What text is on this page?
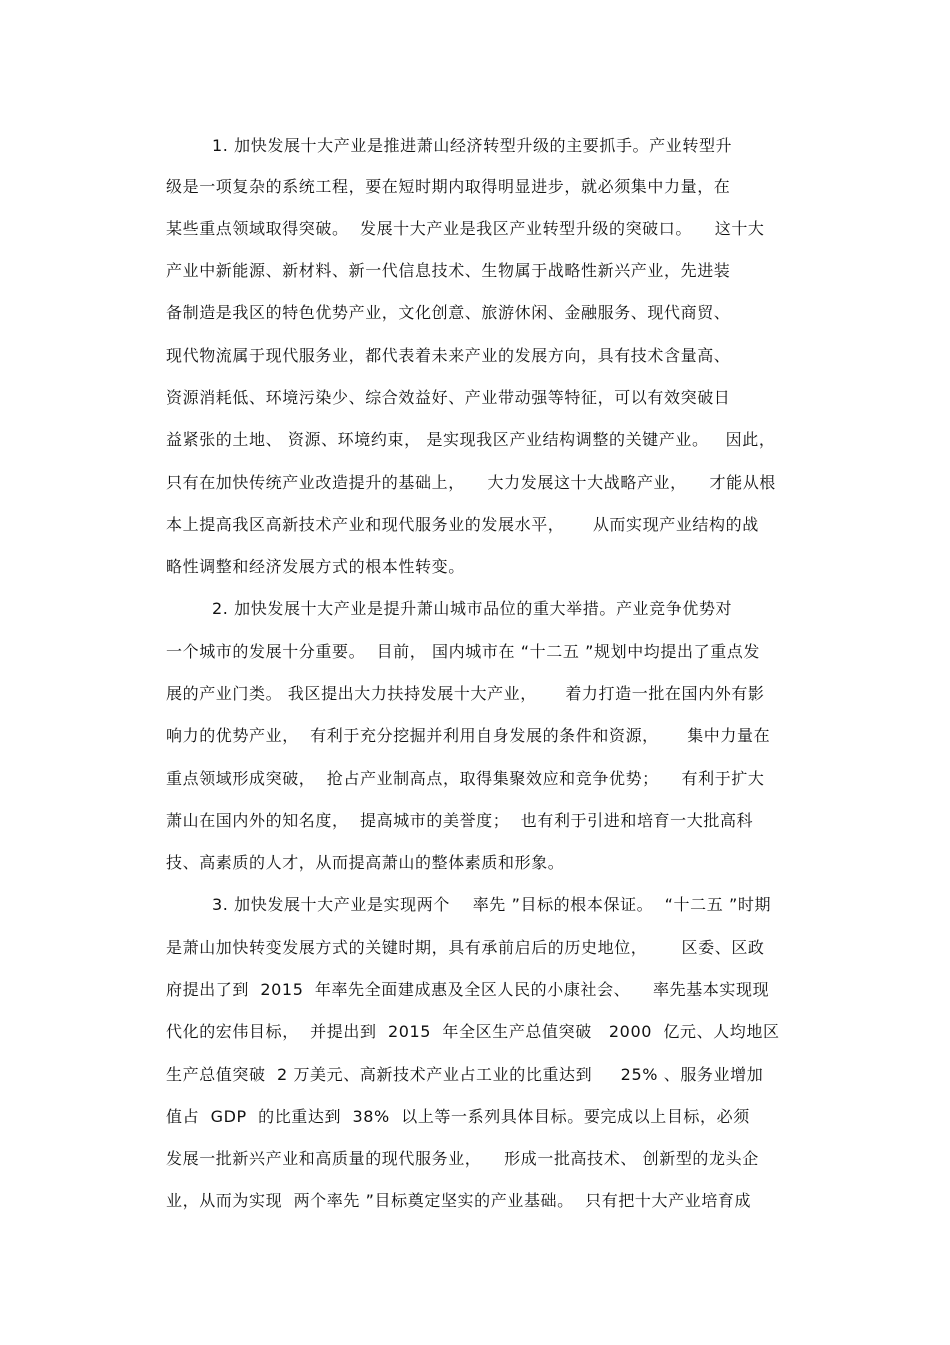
1. 加快发展十大产业是推进萧山经济转型升级的主要抓手。产业转型升
级是一项复杂的系统工程，要在短时期内取得明显进步，就必须集中力量，在
某些重点领域取得突破。  发展十大产业是我区产业转型升级的突破口。    这十大
产业中新能源、新材料、新一代信息技术、生物属于战略性新兴产业，先进装
备制造是我区的特色优势产业，文化创意、旅游休闲、金融服务、现代商贸、
现代物流属于现代服务业，都代表着未来产业的发展方向，具有技术含量高、
资源消耗低、环境污染少、综合效益好、产业带动强等特征，可以有效突破日
益紧张的土地、 资源、环境约束， 是实现我区产业结构调整的关键产业。   因此，
只有在加快传统产业改造提升的基础上，    大力发展这十大战略产业，    才能从根
本上提高我区高新技术产业和现代服务业的发展水平，     从而实现产业结构的战
略性调整和经济发展方式的根本性转变。
2. 加快发展十大产业是提升萧山城市品位的重大举措。产业竞争优势对
一个城市的发展十分重要。  目前， 国内城市在 “十二五 ”规划中均提出了重点发
展的产业门类。 我区提出大力扶持发展十大产业，     着力打造一批在国内外有影
响力的优势产业，  有利于充分挖掘并利用自身发展的条件和资源，     集中力量在
重点领域形成突破，  抢占产业制高点，取得集聚效应和竞争优势；    有利于扩大
萧山在国内外的知名度，  提高城市的美誉度；  也有利于引进和培育一大批高科
技、高素质的人才，从而提高萧山的整体素质和形象。
3. 加快发展十大产业是实现两个    率先 ”目标的根本保证。  “十二五 ”时期
是萧山加快转变发展方式的关键时期，具有承前启后的历史地位，      区委、区政
府提出了到  2015  年率先全面建成惠及全区人民的小康社会、    率先基本实现现
代化的宏伟目标，  并提出到  2015  年全区生产总值突破   2000  亿元、人均地区
生产总值突破  2 万美元、高新技术产业占工业的比重达到     25% 、服务业增加
值占  GDP  的比重达到  38%  以上等一系列具体目标。要完成以上目标，必须
发展一批新兴产业和高质量的现代服务业，    形成一批高技术、 创新型的龙头企
业，从而为实现  两个率先 ”目标奠定坚实的产业基础。  只有把十大产业培育成
